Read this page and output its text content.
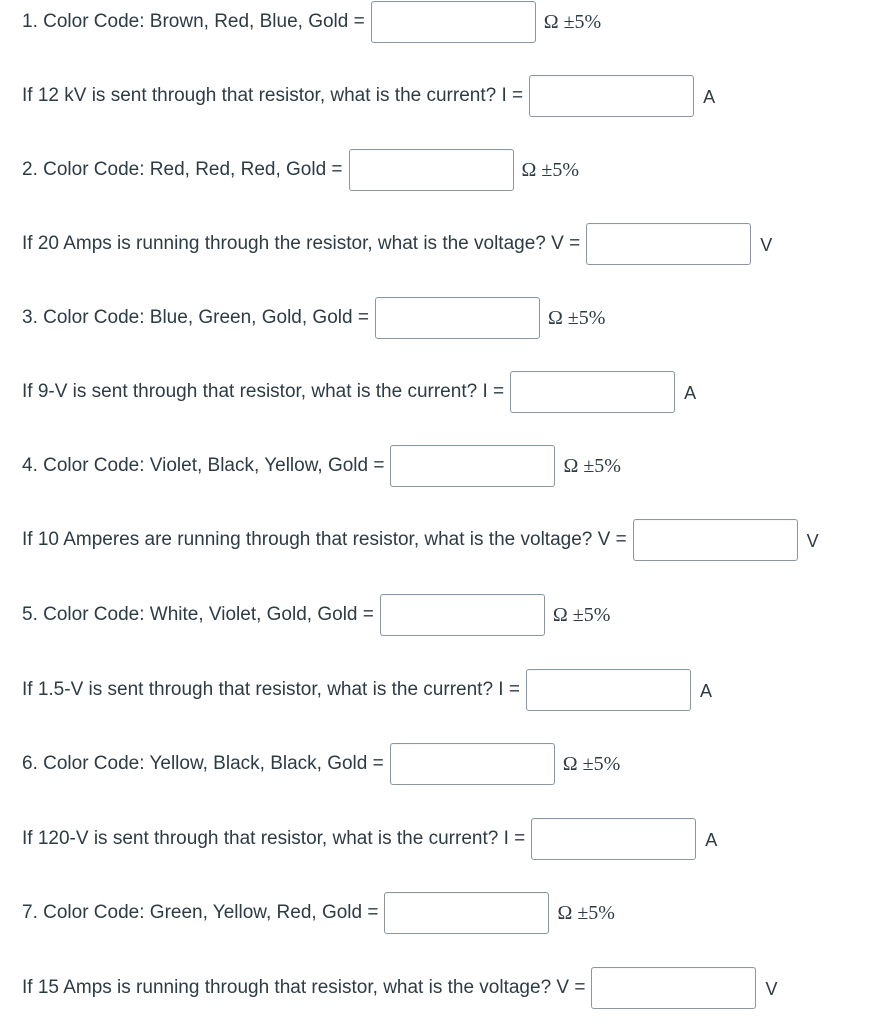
1. Color Code: Brown, Red, Blue, Gold =	Ω ±5%
If 12 kV is sent through that resistor, what is the current? I =	A
2. Color Code: Red, Red, Red, Gold =	Ω ±5%
If 20 Amps is running through the resistor, what is the voltage? V =	V
3. Color Code: Blue, Green, Gold, Gold =	Ω ±5%
If 9-V is sent through that resistor, what is the current? I =	A
4. Color Code: Violet, Black, Yellow, Gold =	Ω ±5%
If 10 Amperes are running through that resistor, what is the voltage? V =	V
5. Color Code: White, Violet, Gold, Gold =	Ω ±5%
If 1.5-V is sent through that resistor, what is the current? I =	A
6. Color Code: Yellow, Black, Black, Gold =	Ω ±5%
If 120-V is sent through that resistor, what is the current? I =	A
7. Color Code: Green, Yellow, Red, Gold =	Ω ±5%
If 15 Amps is running through that resistor, what is the voltage? V =	V
